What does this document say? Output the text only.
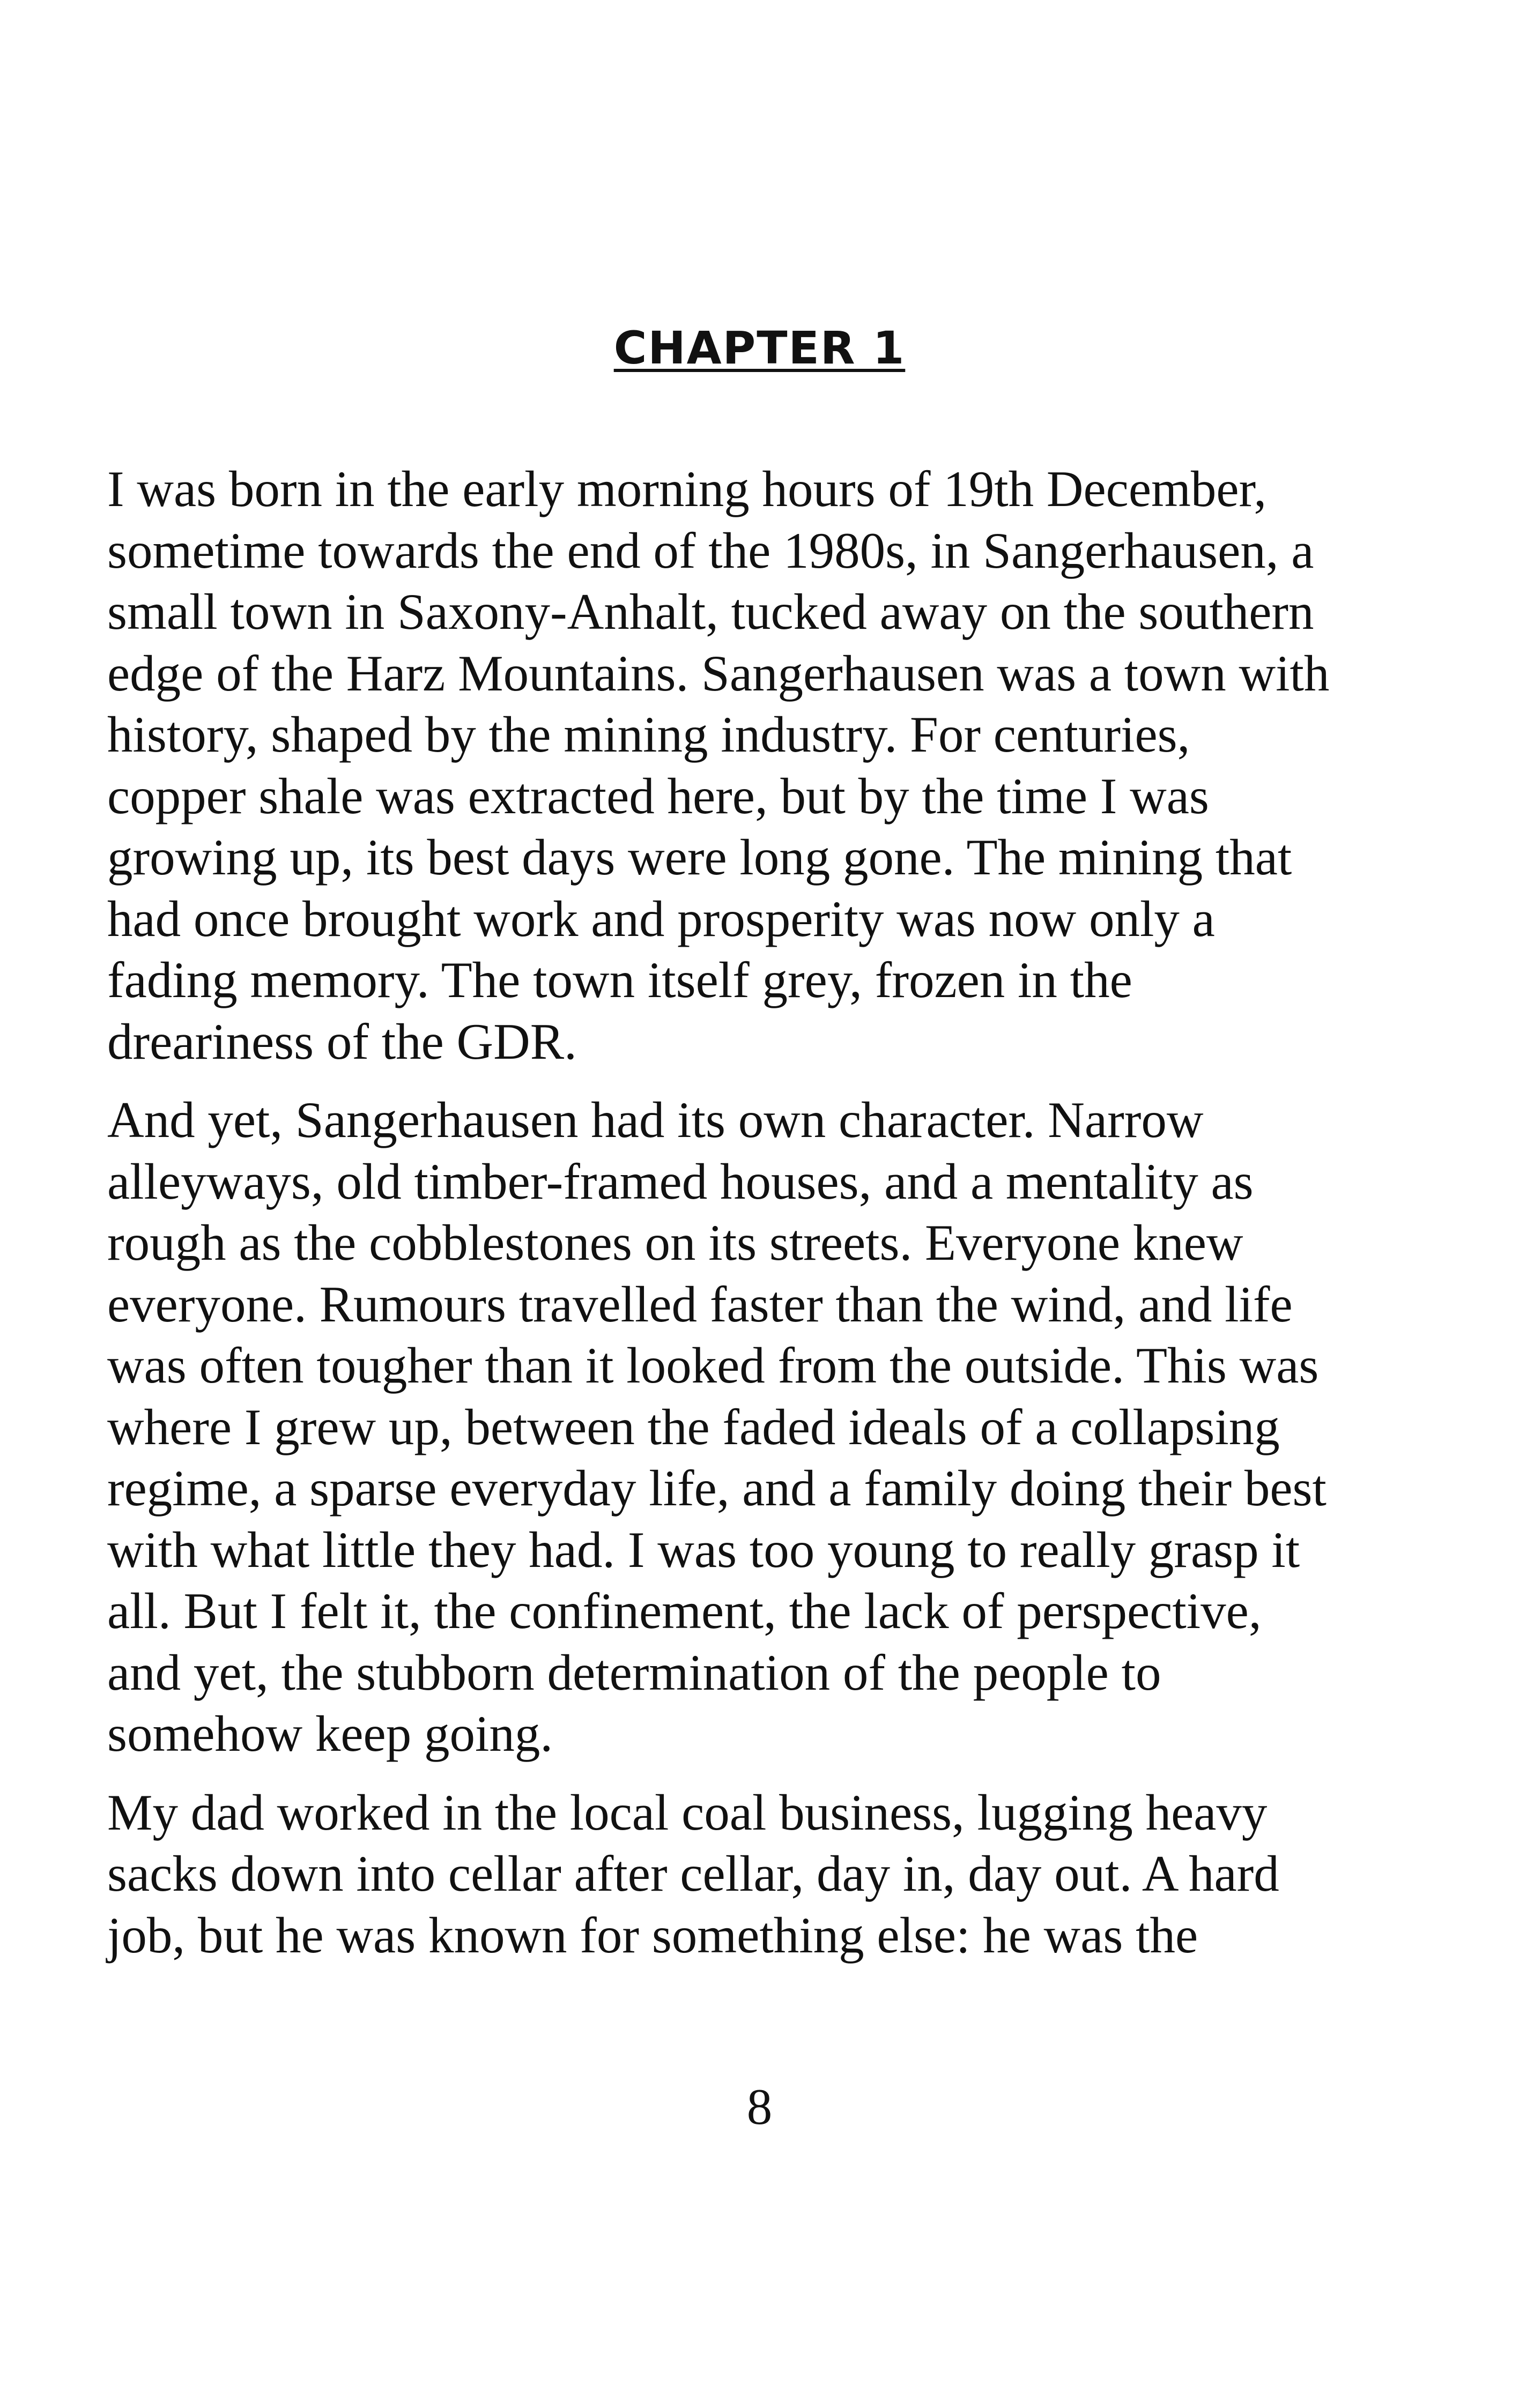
CHAPTER 1

I was born in the early morning hours of 19th December,
sometime towards the end of the 1980s, in Sangerhausen, a
small town in Saxony-Anhalt, tucked away on the southern
edge of the Harz Mountains. Sangerhausen was a town with
history, shaped by the mining industry. For centuries,
copper shale was extracted here, but by the time I was
growing up, its best days were long gone. The mining that
had once brought work and prosperity was now only a
fading memory. The town itself grey, frozen in the
dreariness of the GDR.

And yet, Sangerhausen had its own character. Narrow
alleyways, old timber-framed houses, and a mentality as
rough as the cobblestones on its streets. Everyone knew
everyone. Rumours travelled faster than the wind, and life
was often tougher than it looked from the outside. This was
where I grew up, between the faded ideals of a collapsing
regime, a sparse everyday life, and a family doing their best
with what little they had. I was too young to really grasp it
all. But I felt it, the confinement, the lack of perspective,
and yet, the stubborn determination of the people to
somehow keep going.

My dad worked in the local coal business, lugging heavy
sacks down into cellar after cellar, day in, day out. A hard
job, but he was known for something else: he was the

8
